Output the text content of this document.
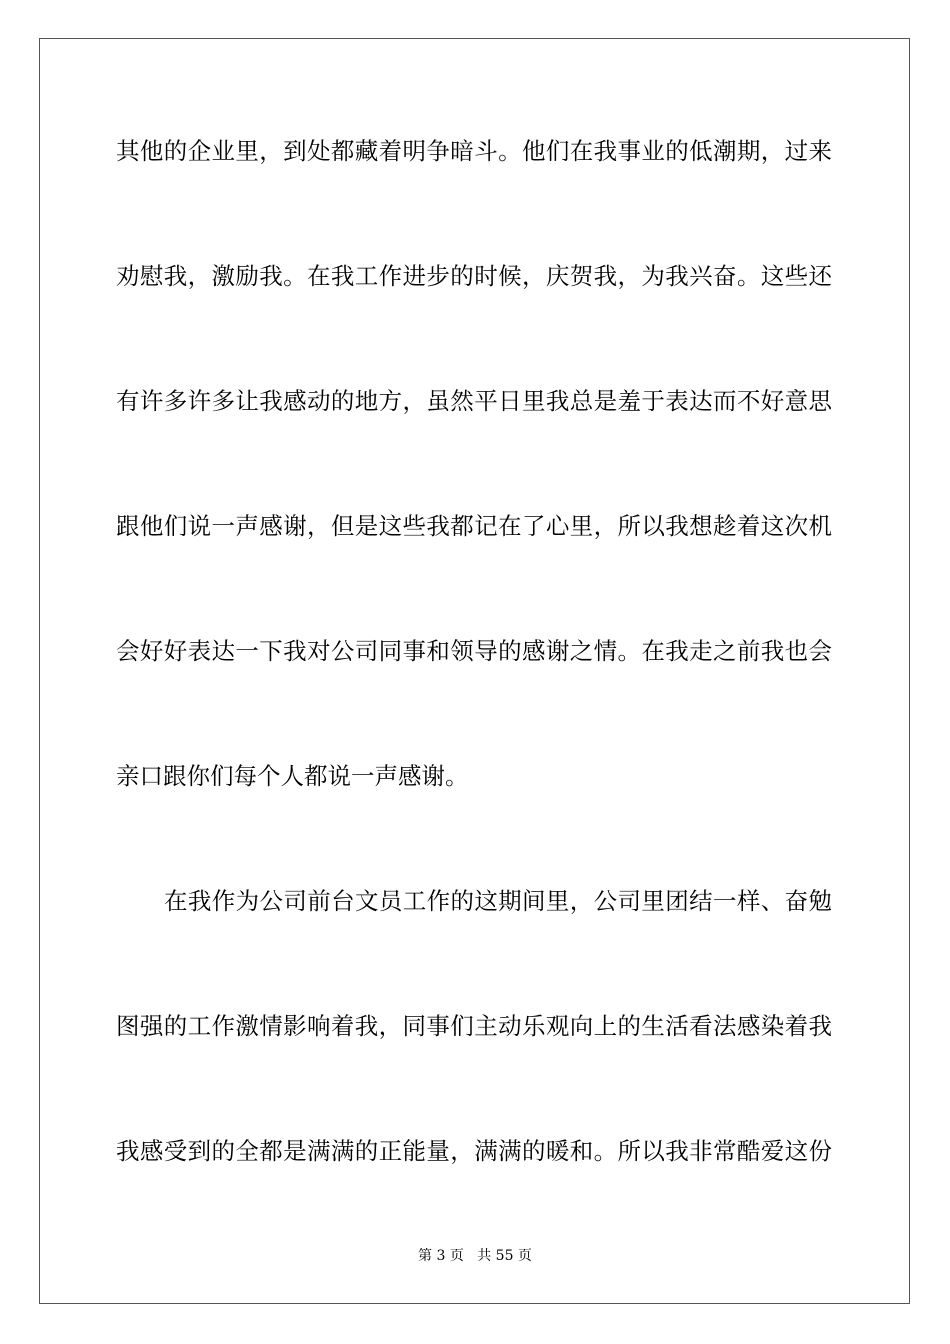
其他的企业里，到处都藏着明争暗斗。他们在我事业的低潮期，过来
劝慰我，激励我。在我工作进步的时候，庆贺我，为我兴奋。这些还
有许多许多让我感动的地方，虽然平日里我总是羞于表达而不好意思
跟他们说一声感谢，但是这些我都记在了心里，所以我想趁着这次机
会好好表达一下我对公司同事和领导的感谢之情。在我走之前我也会
亲口跟你们每个人都说一声感谢。
在我作为公司前台文员工作的这期间里，公司里团结一样、奋勉
图强的工作激情影响着我，同事们主动乐观向上的生活看法感染着我
我感受到的全都是满满的正能量，满满的暖和。所以我非常酷爱这份
第 3 页 共 55 页
